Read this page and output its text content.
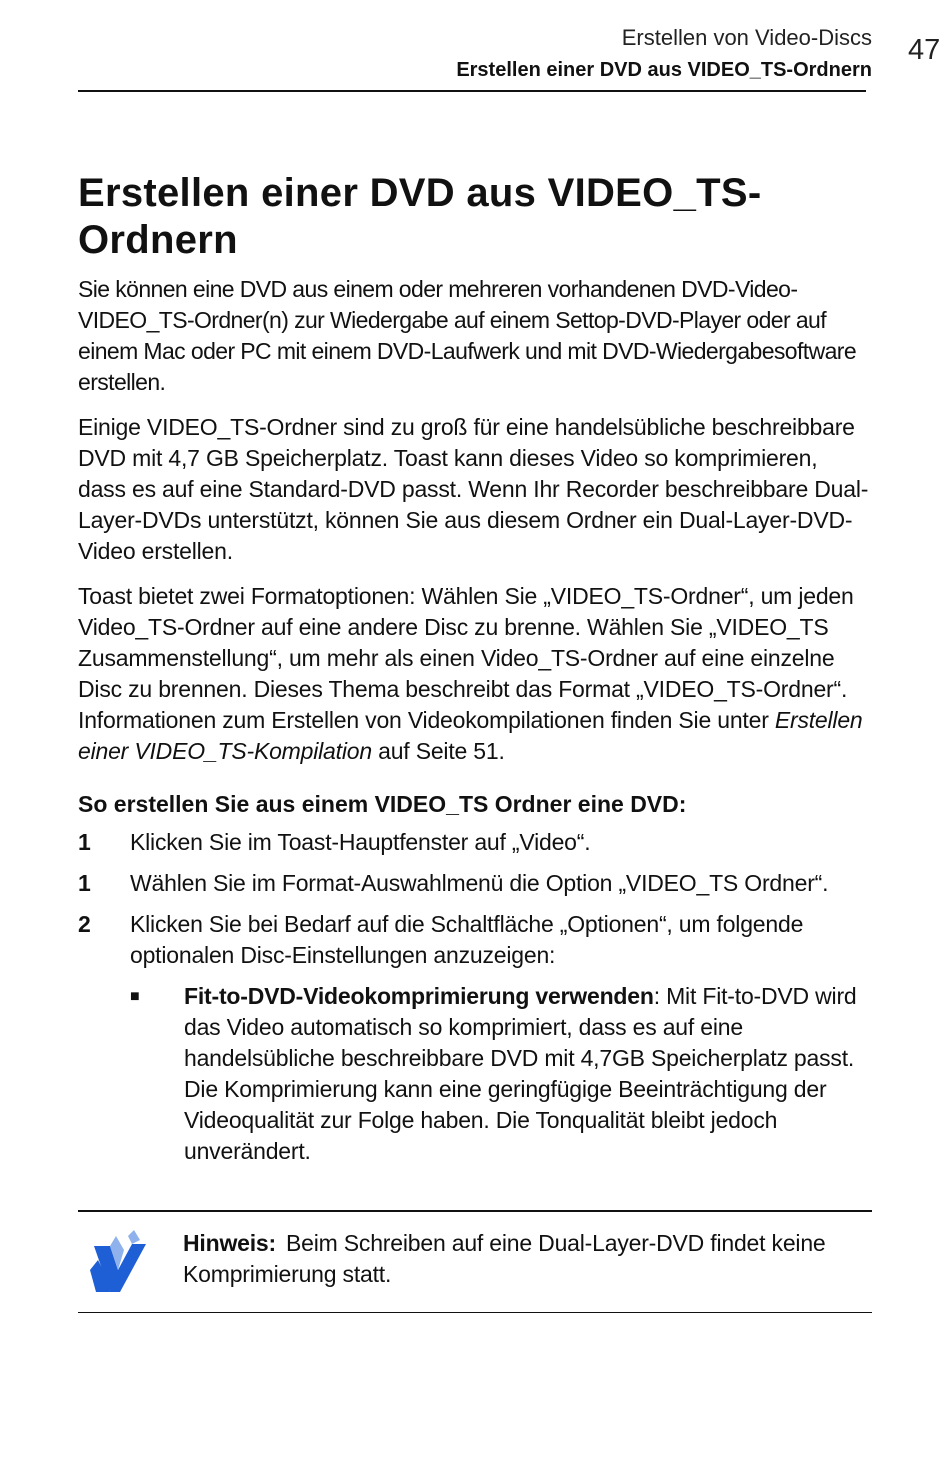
Erstellen von Video-Discs
Erstellen einer DVD aus VIDEO_TS-Ordnern
47
Erstellen einer DVD aus VIDEO_TS-Ordnern

Sie können eine DVD aus einem oder mehreren vorhandenen DVD-Video-VIDEO_TS-Ordner(n) zur Wiedergabe auf einem Settop-DVD-Player oder auf einem Mac oder PC mit einem DVD-Laufwerk und mit DVD-Wiedergabesoftware erstellen.

Einige VIDEO_TS-Ordner sind zu groß für eine handelsübliche beschreibbare DVD mit 4,7 GB Speicherplatz. Toast kann dieses Video so komprimieren, dass es auf eine Standard-DVD passt. Wenn Ihr Recorder beschreibbare Dual-Layer-DVDs unterstützt, können Sie aus diesem Ordner ein Dual-Layer-DVD-Video erstellen.

Toast bietet zwei Formatoptionen: Wählen Sie „VIDEO_TS-Ordner“, um jeden Video_TS-Ordner auf eine andere Disc zu brenne. Wählen Sie „VIDEO_TS Zusammenstellung“, um mehr als einen Video_TS-Ordner auf eine einzelne Disc zu brennen. Dieses Thema beschreibt das Format „VIDEO_TS-Ordner“. Informationen zum Erstellen von Videokompilationen finden Sie unter Erstellen einer VIDEO_TS-Kompilation auf Seite 51.

So erstellen Sie aus einem VIDEO_TS Ordner eine DVD:
1	Klicken Sie im Toast-Hauptfenster auf „Video“.
1	Wählen Sie im Format-Auswahlmenü die Option „VIDEO_TS Ordner“.
2	Klicken Sie bei Bedarf auf die Schaltfläche „Optionen“, um folgende optionalen Disc-Einstellungen anzuzeigen:
■	Fit-to-DVD-Videokomprimierung verwenden: Mit Fit-to-DVD wird das Video automatisch so komprimiert, dass es auf eine handelsübliche beschreibbare DVD mit 4,7GB Speicherplatz passt. Die Komprimierung kann eine geringfügige Beeinträchtigung der Videoqualität zur Folge haben. Die Tonqualität bleibt jedoch unverändert.
Hinweis: Beim Schreiben auf eine Dual-Layer-DVD findet keine Komprimierung statt.
